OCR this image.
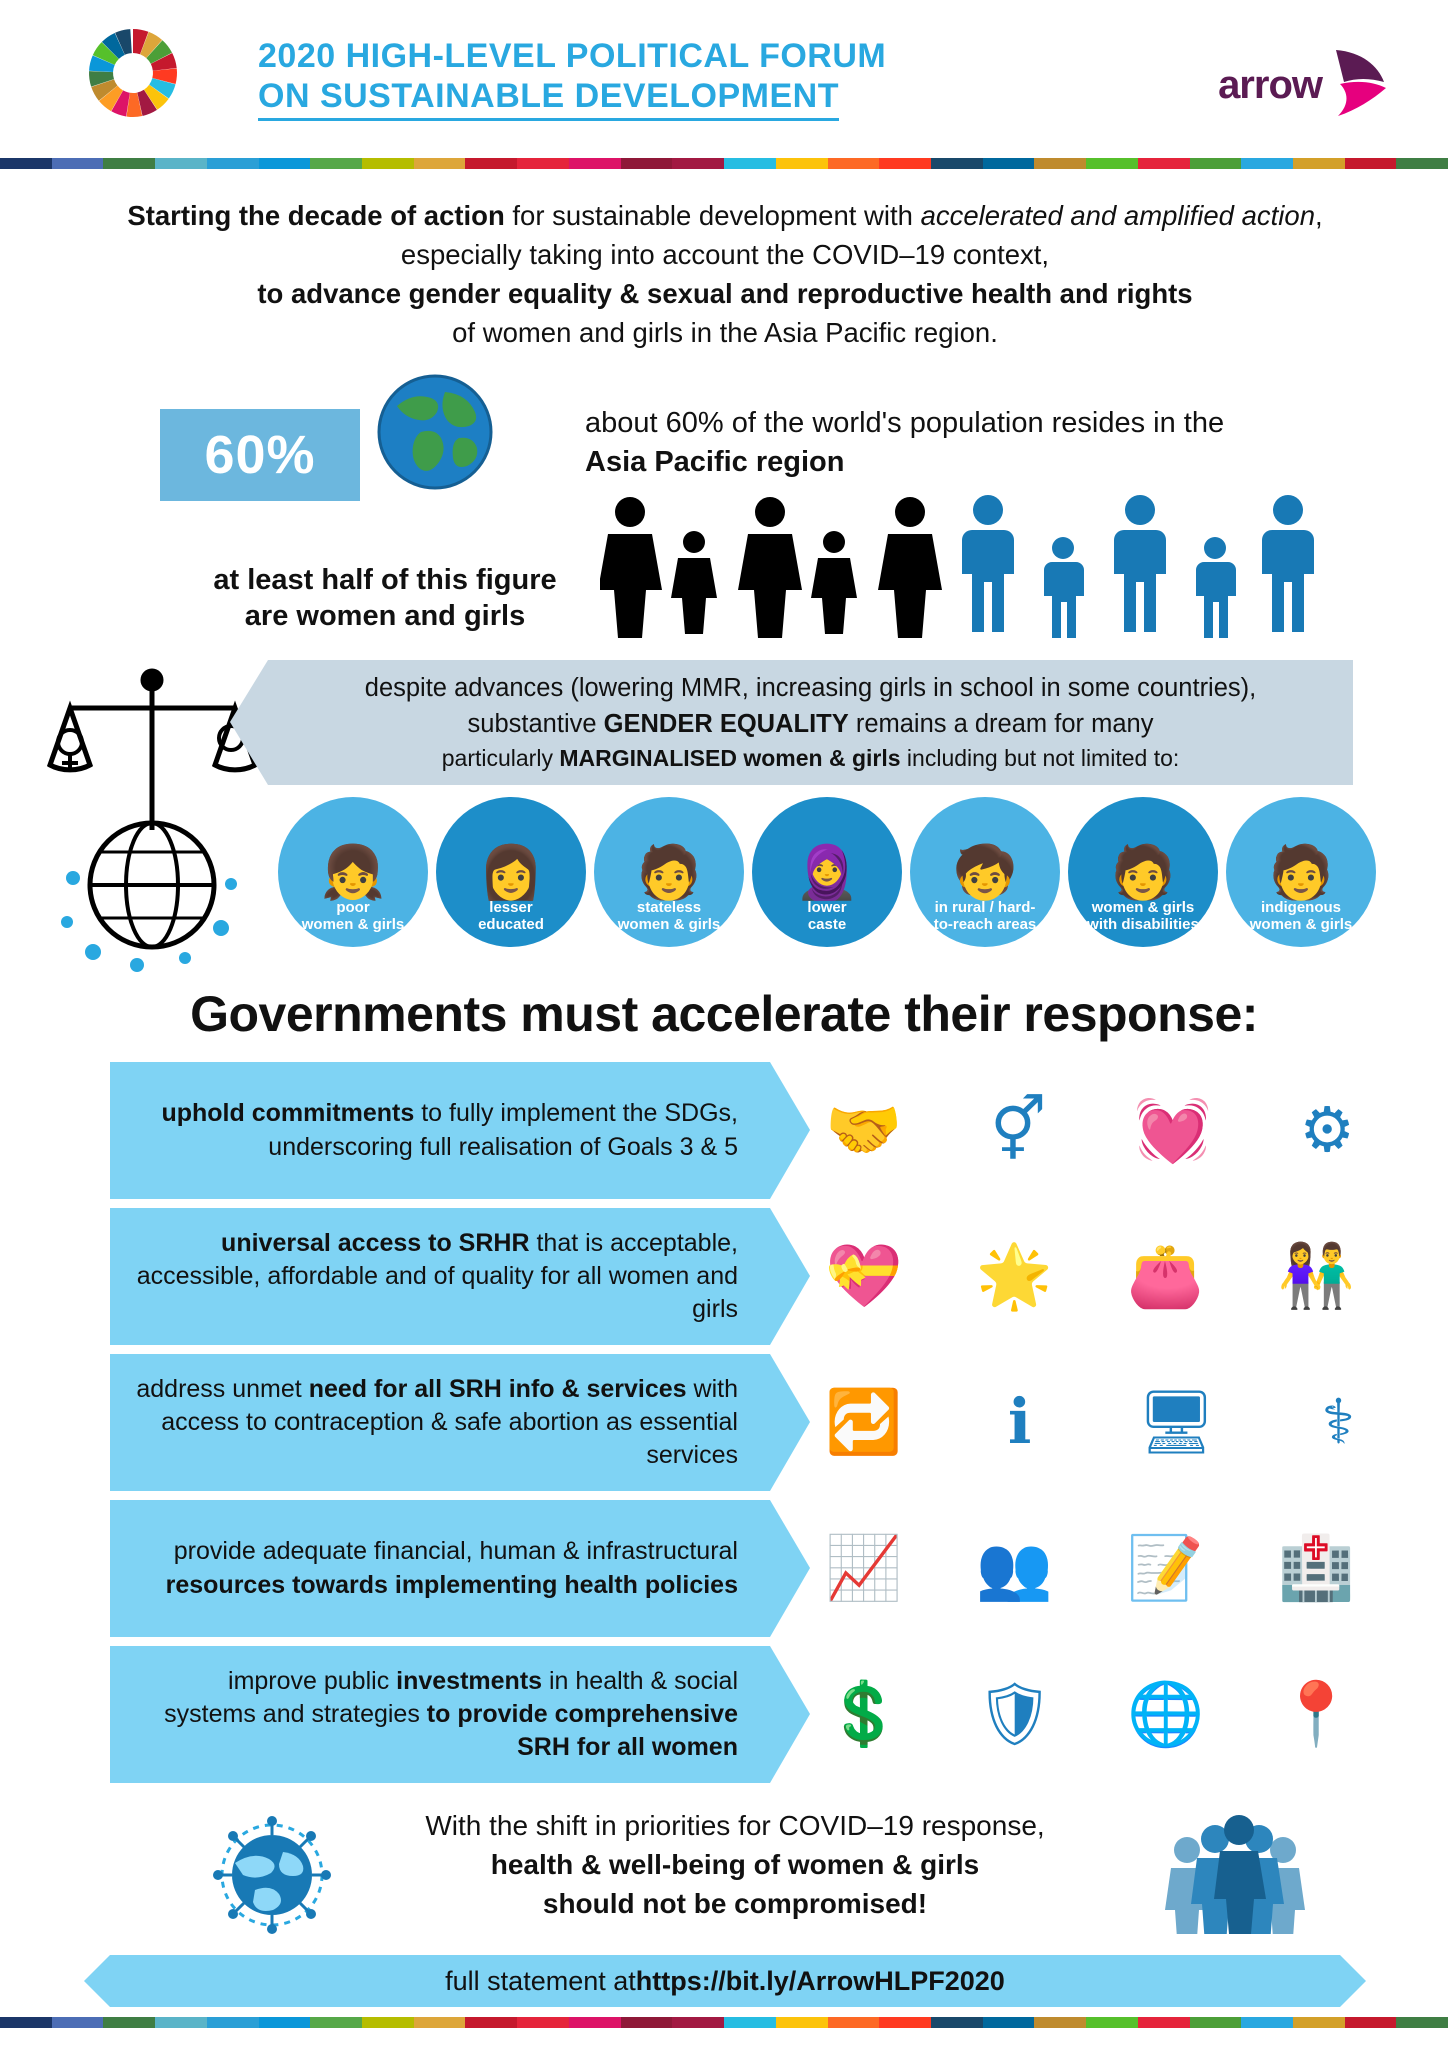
2020 HIGH-LEVEL POLITICAL FORUM
ON SUSTAINABLE DEVELOPMENT	arrow
Starting the decade of action for sustainable development with accelerated and amplified action, especially taking into account the COVID–19 context,
to advance gender equality & sexual and reproductive health and rights
of women and girls in the Asia Pacific region.
60%
about 60% of the world's population resides in the Asia Pacific region
at least half of this figure
are women and girls
despite advances (lowering MMR, increasing girls in school in some countries),
substantive GENDER EQUALITY remains a dream for many
particularly MARGINALISED women & girls including but not limited to:
👧
poor
women & girls
👩
lesser
educated
🧑
stateless
women & girls
🧕
lower
caste
🧒
in rural / hard-
to-reach areas
🧑
women & girls
with disabilities
🧑
indigenous
women & girls
Governments must accelerate their response:
uphold commitments to fully implement the SDGs, underscoring full realisation of Goals 3 & 5 🤝 ⚥ 💓 ⚙
universal access to SRHR that is acceptable, accessible, affordable and of quality for all women and girls 💝 🌟 👛 👫
address unmet need for all SRH info & services with access to contraception & safe abortion as essential services 🔁 ℹ 🖥 ⚕
provide adequate financial, human & infrastructural resources towards implementing health policies 📈 👥 📝 🏥
improve public investments in health & social systems and strategies to provide comprehensive SRH for all women 💲 🛡 🌐 📍
With the shift in priorities for COVID–19 response,
health & well-being of women & girls
should not be compromised!
full statement at https://bit.ly/ArrowHLPF2020
